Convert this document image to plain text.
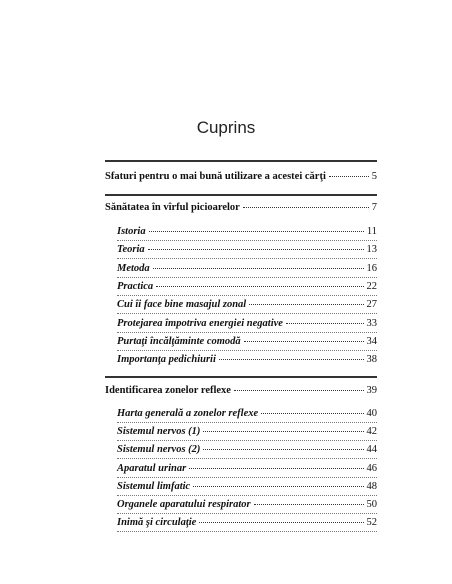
Cuprins
Sfaturi pentru o mai bună utilizare a acestei cărţi	5
Sănătatea în vîrful picioarelor	7
Istoria	11
Teoria	13
Metoda	16
Practica	22
Cui îi face bine masajul zonal	27
Protejarea împotriva energiei negative	33
Purtaţi încălţăminte comodă	34
Importanţa pedichiurii	38
Identificarea zonelor reflexe	39
Harta generală a zonelor reflexe	40
Sistemul nervos (1)	42
Sistemul nervos (2)	44
Aparatul urinar	46
Sistemul limfatic	48
Organele aparatului respirator	50
Inimă şi circulaţie	52
